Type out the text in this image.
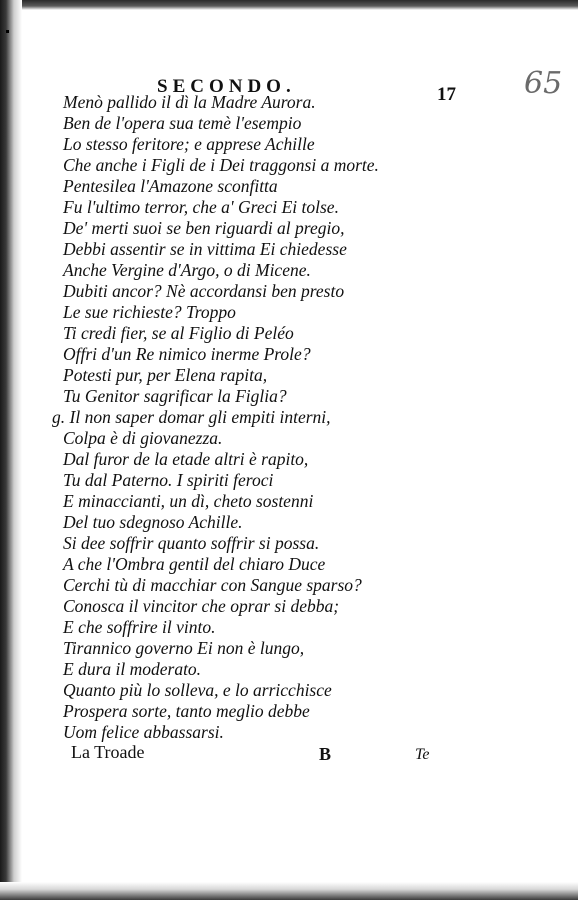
SECONDO.	17 65
Menò pallido il dì la Madre Aurora.
Ben de l'opera sua temè l'esempio
Lo stesso feritore; e apprese Achille
Che anche i Figli de i Dei traggonsi a morte.
Pentesilea l'Amazone sconfitta
Fu l'ultimo terror, che a' Greci Ei tolse.
De' merti suoi se ben riguardi al pregio,
Debbi assentir se in vittima Ei chiedesse
Anche Vergine d'Argo, o di Micene.
Dubiti ancor? Nè accordansi ben presto
Le sue richieste? Troppo
Ti credi fier, se al Figlio di Peléo
Offri d'un Re nimico inerme Prole?
Potesti pur, per Elena rapita,
Tu Genitor sagrificar la Figlia?
g. Il non saper domar gli empiti interni,
Colpa è di giovanezza.
Dal furor de la etade altri è rapito,
Tu dal Paterno. I spiriti feroci
E minaccianti, un dì, cheto sostenni
Del tuo sdegnoso Achille.
Si dee soffrir quanto soffrir si possa.
A che l'Ombra gentil del chiaro Duce
Cerchi tù di macchiar con Sangue sparso?
Conosca il vincitor che oprar si debba;
E che soffrire il vinto.
Tirannico governo Ei non è lungo,
E dura il moderato.
Quanto più lo solleva, e lo arricchisce
Prospera sorte, tanto meglio debbe
Uom felice abbassarsi.
La Troade	B	Te
